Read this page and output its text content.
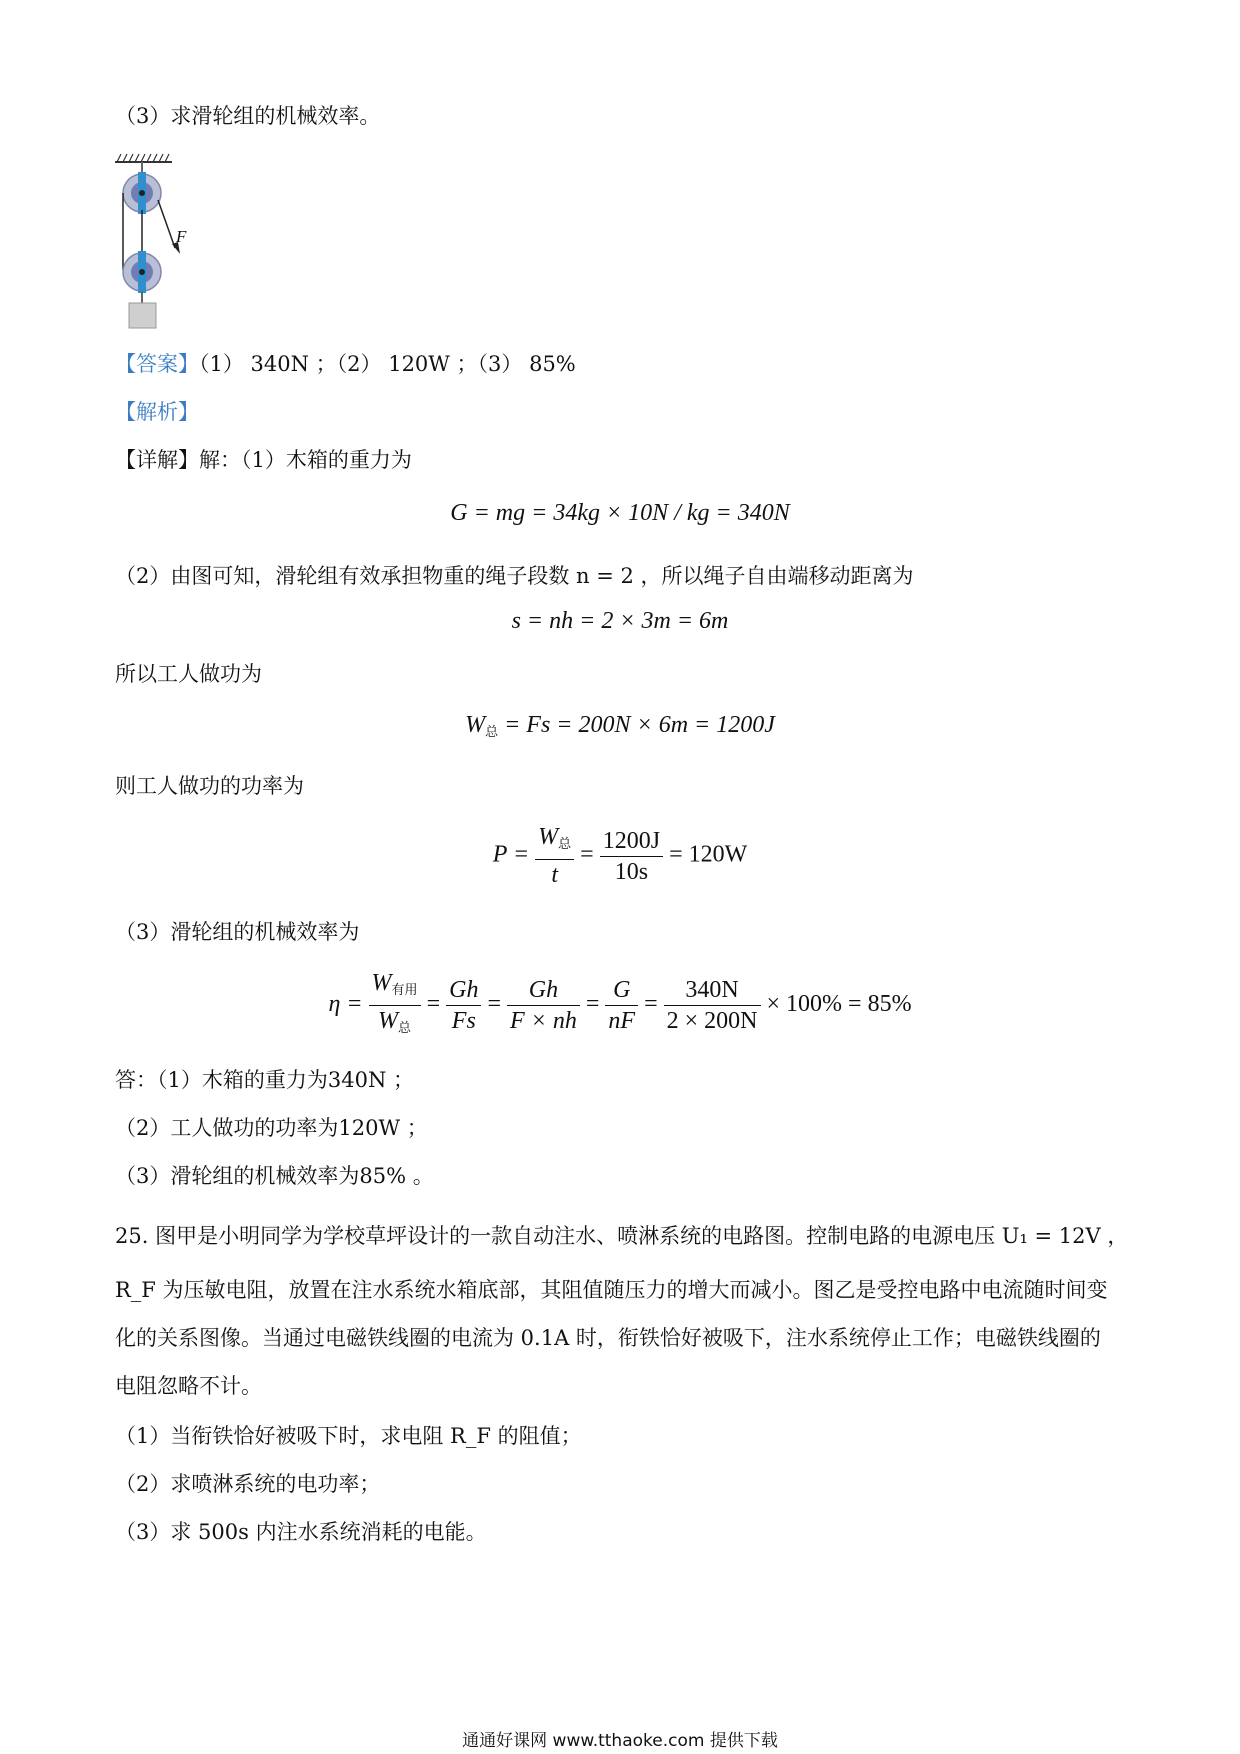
（3）求滑轮组的机械效率。
F
【答案】（1） 340N ；（2） 120W ；（3） 85%
【解析】
【详解】解：（1）木箱的重力为
G = mg = 34kg × 10N / kg = 340N
（2）由图可知，滑轮组有效承担物重的绳子段数 n = 2 ，所以绳子自由端移动距离为
s = nh = 2 × 3m = 6m
所以工人做功为
$W_总 = Fs = 200N \times 6m = 1200J$
则工人做功的功率为
$P = \frac{W_总}{t} = \frac{1200J}{10s} = 120W$
（3）滑轮组的机械效率为
$\eta = \frac{W_{有用}}{W_总} = \frac{Gh}{Fs} = \frac{Gh}{F \times nh} = \frac{G}{nF} = \frac{340N}{2 \times 200N} \times 100\% = 85\%$
答：（1）木箱的重力为340N ；
（2）工人做功的功率为120W ；
（3）滑轮组的机械效率为85% 。
25. 图甲是小明同学为学校草坪设计的一款自动注水、喷淋系统的电路图。控制电路的电源电压 U₁ = 12V ，
R_F 为压敏电阻，放置在注水系统水箱底部，其阻值随压力的增大而减小。图乙是受控电路中电流随时间变
化的关系图像。当通过电磁铁线圈的电流为 0.1A 时，衔铁恰好被吸下，注水系统停止工作；电磁铁线圈的
电阻忽略不计。
（1）当衔铁恰好被吸下时，求电阻 R_F 的阻值；
（2）求喷淋系统的电功率；
（3）求 500s 内注水系统消耗的电能。
通通好课网 www.tthaoke.com 提供下载
